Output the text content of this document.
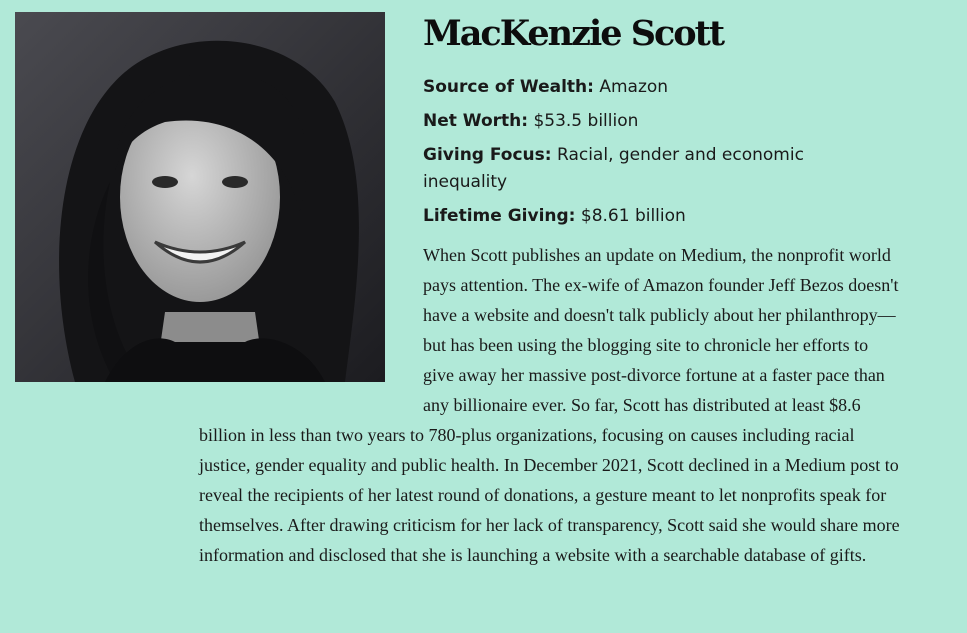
MacKenzie Scott

Source of Wealth: Amazon

Net Worth: $53.5 billion

Giving Focus: Racial, gender and economic inequality

Lifetime Giving: $8.61 billion

When Scott publishes an update on Medium, the nonprofit world pays attention. The ex-wife of Amazon founder Jeff Bezos doesn't have a website and doesn't talk publicly about her philanthropy—but has been using the blogging site to chronicle her efforts to give away her massive post-divorce fortune at a faster pace than any billionaire ever. So far, Scott has distributed at least $8.6 billion in less than two years to 780-plus organizations, focusing on causes including racial justice, gender equality and public health. In December 2021, Scott declined in a Medium post to reveal the recipients of her latest round of donations, a gesture meant to let nonprofits speak for themselves. After drawing criticism for her lack of transparency, Scott said she would share more information and disclosed that she is launching a website with a searchable database of gifts.
